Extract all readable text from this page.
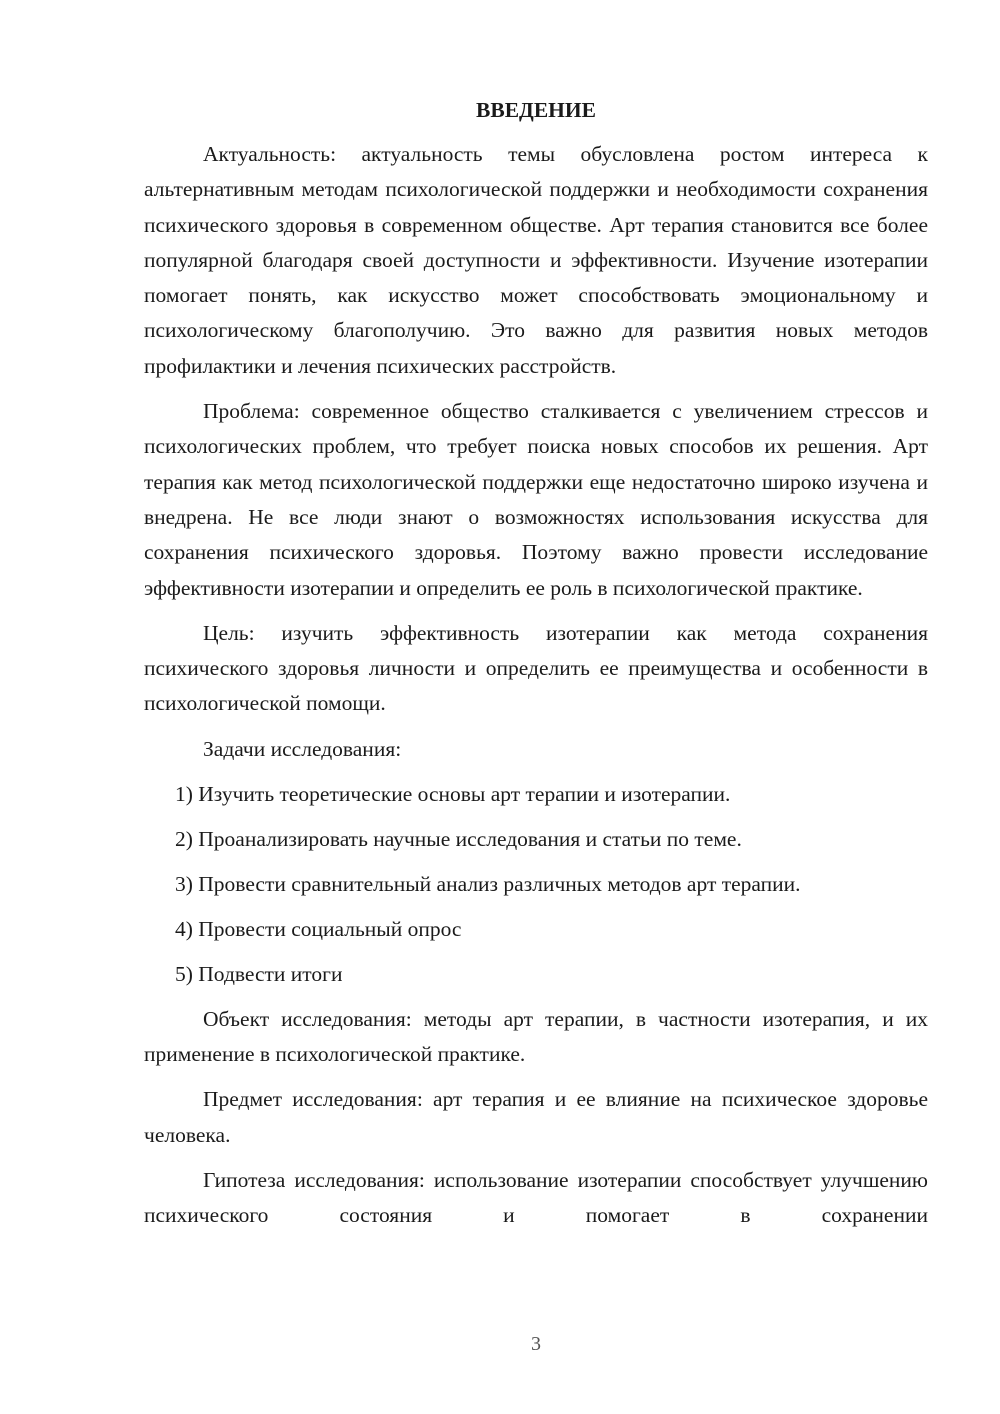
ВВЕДЕНИЕ

Актуальность: актуальность темы обусловлена ростом интереса к альтернативным методам психологической поддержки и необходимости сохранения психического здоровья в современном обществе. Арт терапия становится все более популярной благодаря своей доступности и эффективности. Изучение изотерапии помогает понять, как искусство может способствовать эмоциональному и психологическому благополучию. Это важно для развития новых методов профилактики и лечения психических расстройств.

Проблема: современное общество сталкивается с увеличением стрессов и психологических проблем, что требует поиска новых способов их решения. Арт терапия как метод психологической поддержки еще недостаточно широко изучена и внедрена. Не все люди знают о возможностях использования искусства для сохранения психического здоровья. Поэтому важно провести исследование эффективности изотерапии и определить ее роль в психологической практике.

Цель: изучить эффективность изотерапии как метода сохранения психического здоровья личности и определить ее преимущества и особенности в психологической помощи.

Задачи исследования:
1) Изучить теоретические основы арт терапии и изотерапии.
2) Проанализировать научные исследования и статьи по теме.
3) Провести сравнительный анализ различных методов арт терапии.
4) Провести социальный опрос
5) Подвести итоги

Объект исследования: методы арт терапии, в частности изотерапия, и их применение в психологической практике.

Предмет исследования: арт терапия и ее влияние на психическое здоровье человека.

Гипотеза исследования: использование изотерапии способствует улучшению психического состояния и помогает в сохранении

3
